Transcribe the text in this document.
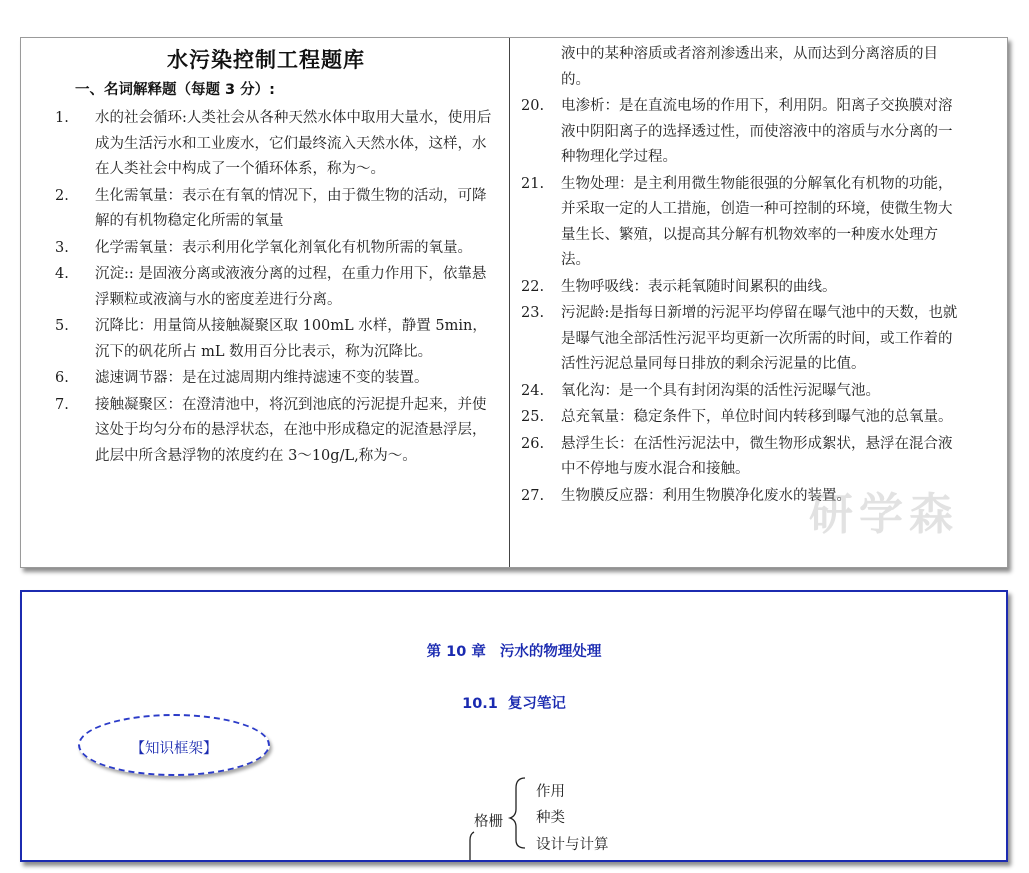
水污染控制工程题库
一、名词解释题（每题 3 分）:
1.	水的社会循环:人类社会从各种天然水体中取用大量水，使用后成为生活污水和工业废水，它们最终流入天然水体，这样，水在人类社会中构成了一个循环体系，称为～。
2.	生化需氧量：表示在有氧的情况下，由于微生物的活动，可降解的有机物稳定化所需的氧量
3.	化学需氧量：表示利用化学氧化剂氧化有机物所需的氧量。
4.	沉淀:: 是固液分离或液液分离的过程，在重力作用下，依靠悬浮颗粒或液滴与水的密度差进行分离。
5.	沉降比：用量筒从接触凝聚区取 100mL 水样，静置 5min，沉下的矾花所占 mL 数用百分比表示，称为沉降比。
6.	滤速调节器：是在过滤周期内维持滤速不变的装置。
7.	接触凝聚区：在澄清池中，将沉到池底的污泥提升起来，并使这处于均匀分布的悬浮状态，在池中形成稳定的泥渣悬浮层，此层中所含悬浮物的浓度约在 3～10g/L,称为～。
液中的某种溶质或者溶剂渗透出来，从而达到分离溶质的目的。
20.	电渗析：是在直流电场的作用下，利用阴。阳离子交换膜对溶液中阴阳离子的选择透过性，而使溶液中的溶质与水分离的一种物理化学过程。
21.	生物处理：是主利用微生物能很强的分解氧化有机物的功能，并采取一定的人工措施，创造一种可控制的环境，使微生物大量生长、繁殖，以提高其分解有机物效率的一种废水处理方法。
22.	生物呼吸线：表示耗氧随时间累积的曲线。
23.	污泥龄:是指每日新增的污泥平均停留在曝气池中的天数，也就是曝气池全部活性污泥平均更新一次所需的时间，或工作着的活性污泥总量同每日排放的剩余污泥量的比值。
24.	氧化沟：是一个具有封闭沟渠的活性污泥曝气池。
25.	总充氧量：稳定条件下，单位时间内转移到曝气池的总氧量。
26.	悬浮生长：在活性污泥法中，微生物形成絮状，悬浮在混合液中不停地与废水混合和接触。
27.	生物膜反应器：利用生物膜净化废水的装置。
研学森
第 10 章 污水的物理处理
10.1 复习笔记
【知识框架】
格栅
作用
种类
设计与计算
